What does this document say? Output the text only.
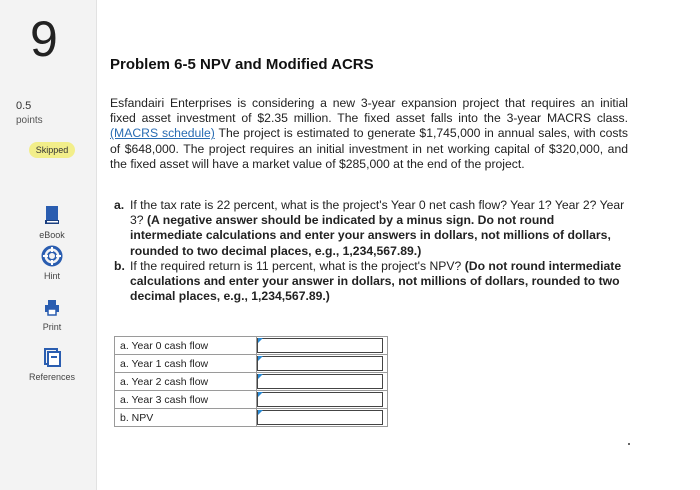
9
0.5
points
Skipped
eBook
Hint
Print
References
Problem 6-5 NPV and Modified ACRS
Esfandairi Enterprises is considering a new 3-year expansion project that requires an initial fixed asset investment of $2.35 million. The fixed asset falls into the 3-year MACRS class. (MACRS schedule) The project is estimated to generate $1,745,000 in annual sales, with costs of $648,000. The project requires an initial investment in net working capital of $320,000, and the fixed asset will have a market value of $285,000 at the end of the project.
a. If the tax rate is 22 percent, what is the project's Year 0 net cash flow? Year 1? Year 2? Year 3? (A negative answer should be indicated by a minus sign. Do not round intermediate calculations and enter your answers in dollars, not millions of dollars, rounded to two decimal places, e.g., 1,234,567.89.)
b. If the required return is 11 percent, what is the project's NPV? (Do not round intermediate calculations and enter your answer in dollars, not millions of dollars, rounded to two decimal places, e.g., 1,234,567.89.)
a. Year 0 cash flow	

a. Year 1 cash flow	

a. Year 2 cash flow	

a. Year 3 cash flow	

b. NPV	
